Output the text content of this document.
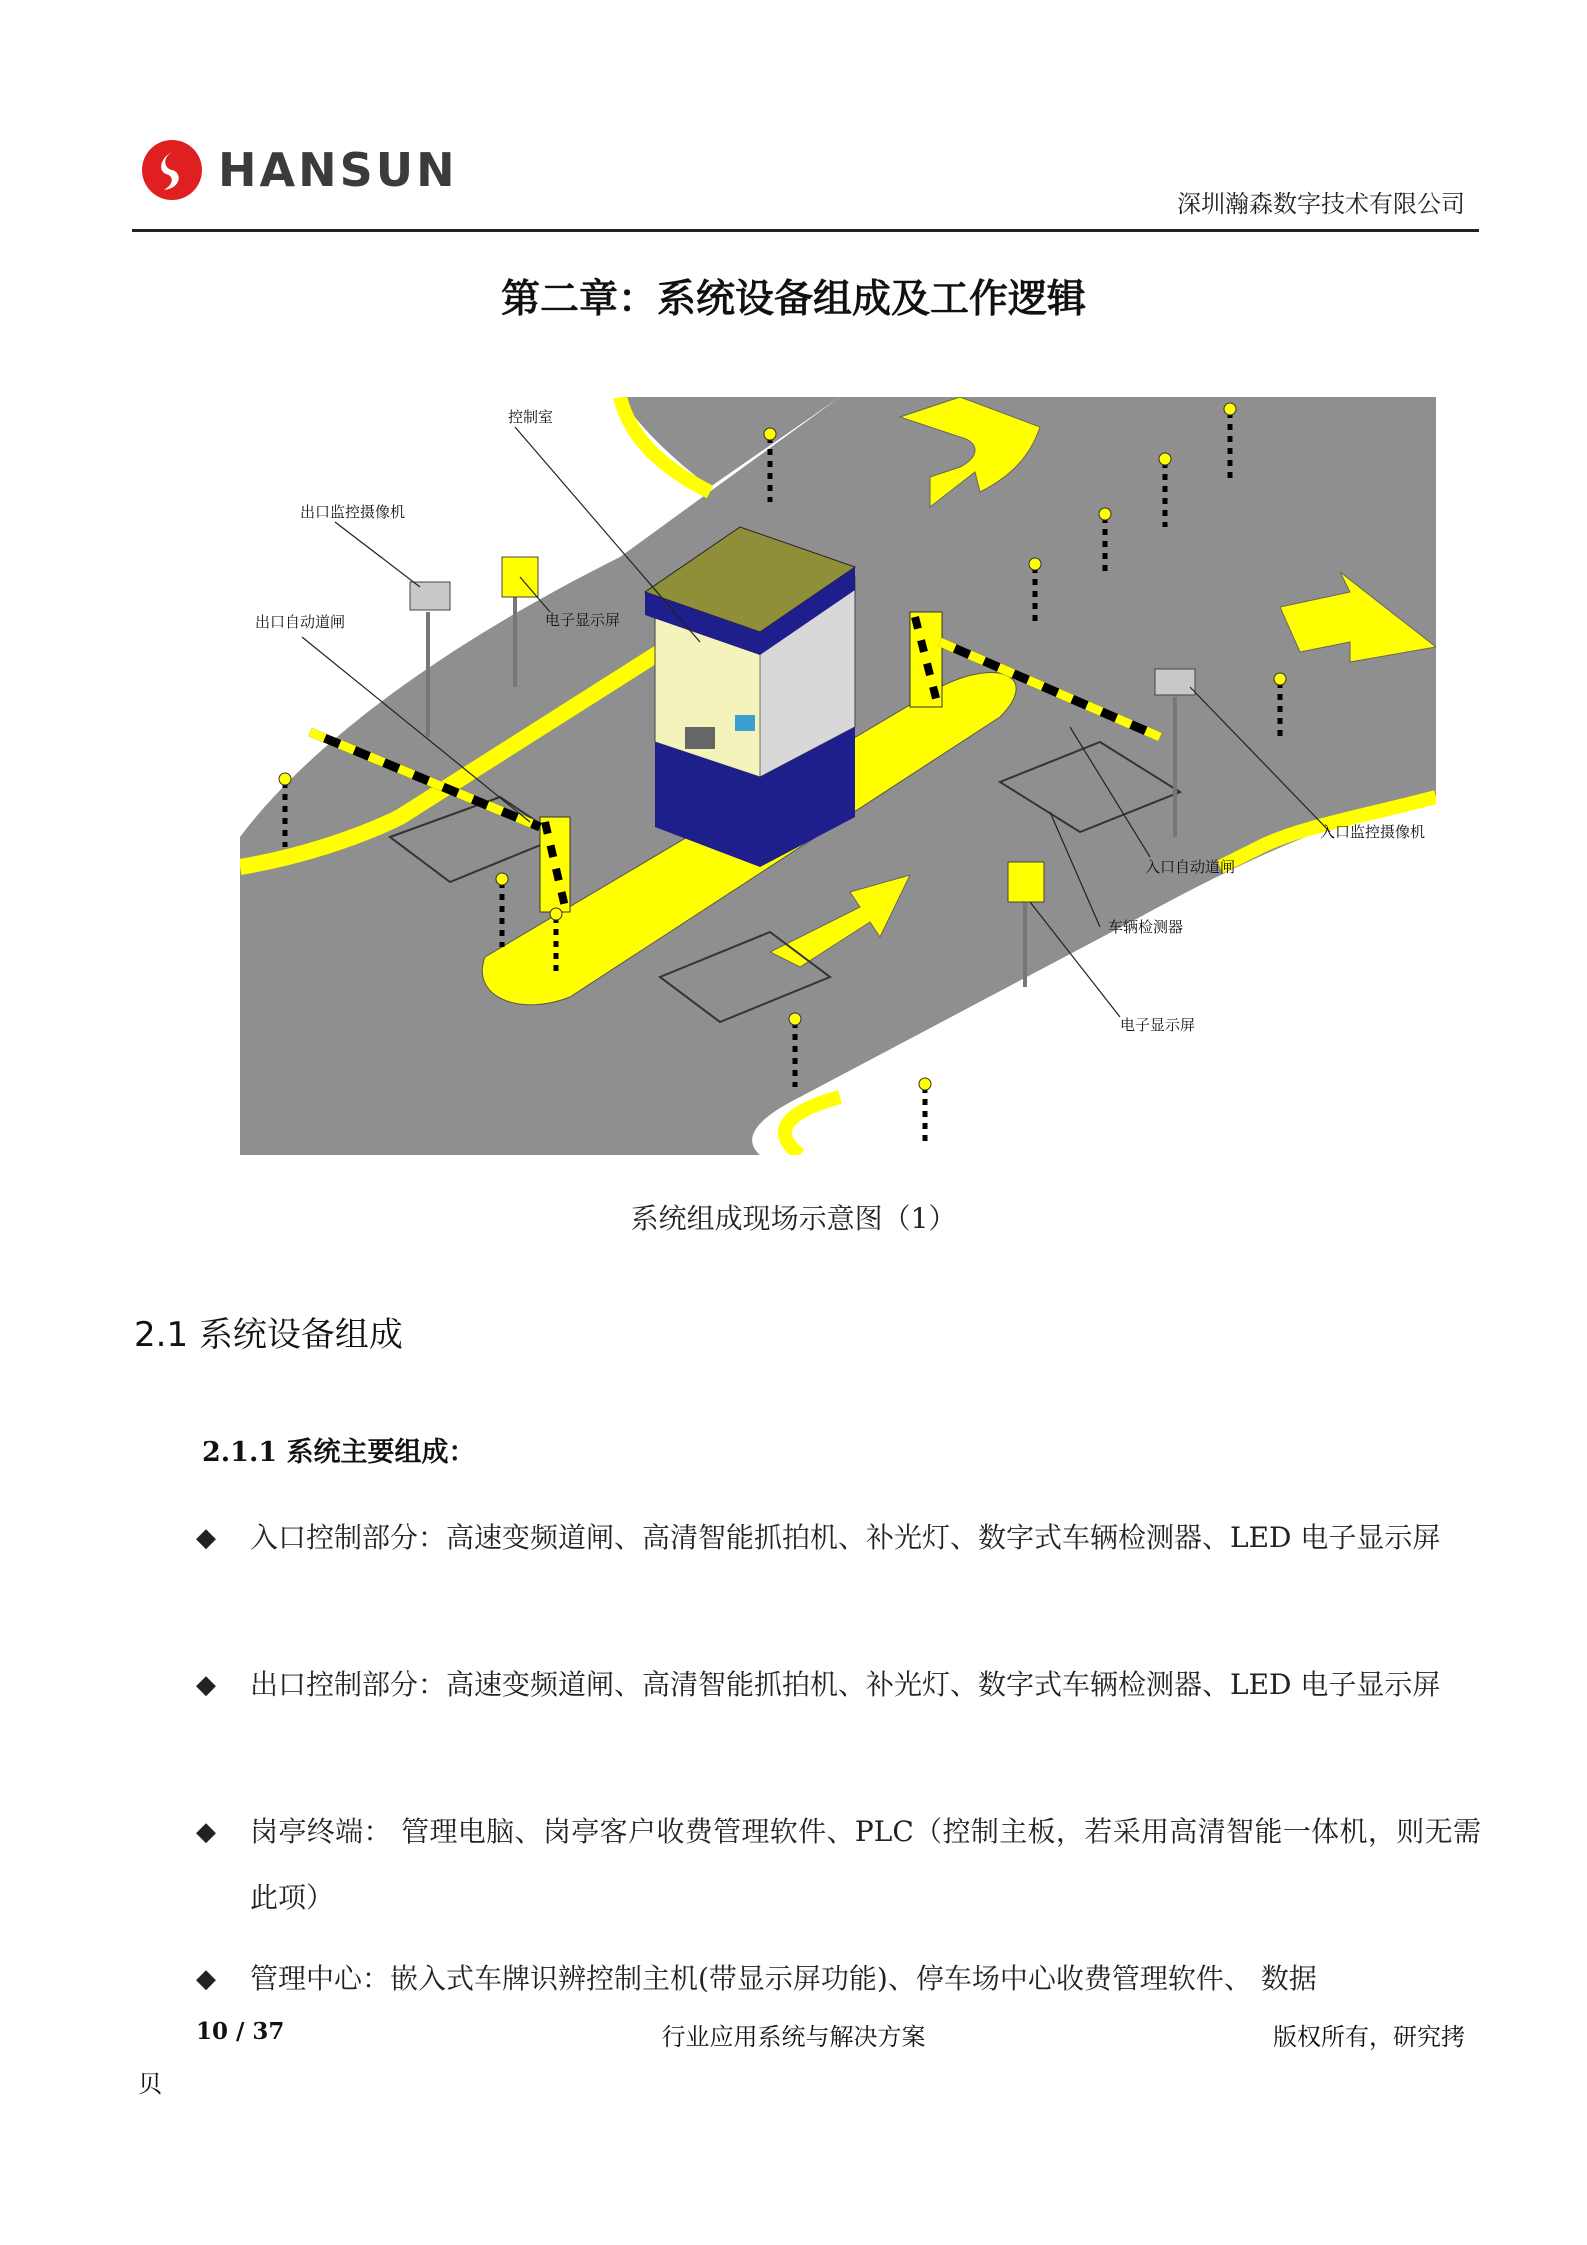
HANSUN
深圳瀚森数字技术有限公司
第二章：系统设备组成及工作逻辑
控制室
出口监控摄像机
出口自动道闸	电子显示屏
入口监控摄像机
入口自动道闸
车辆检测器
电子显示屏
系统组成现场示意图（1）
2.1 系统设备组成
2.1.1 系统主要组成：
◆	入口控制部分：高速变频道闸、高清智能抓拍机、补光灯、数字式车辆检测器、LED 电子显示屏
◆	出口控制部分：高速变频道闸、高清智能抓拍机、补光灯、数字式车辆检测器、LED 电子显示屏
◆	岗亭终端： 管理电脑、岗亭客户收费管理软件、PLC（控制主板，若采用高清智能一体机，则无需此项）
◆	管理中心：嵌入式车牌识辨控制主机(带显示屏功能)、停车场中心收费管理软件、 数据
10 / 37	行业应用系统与解决方案	版权所有，研究拷
贝
